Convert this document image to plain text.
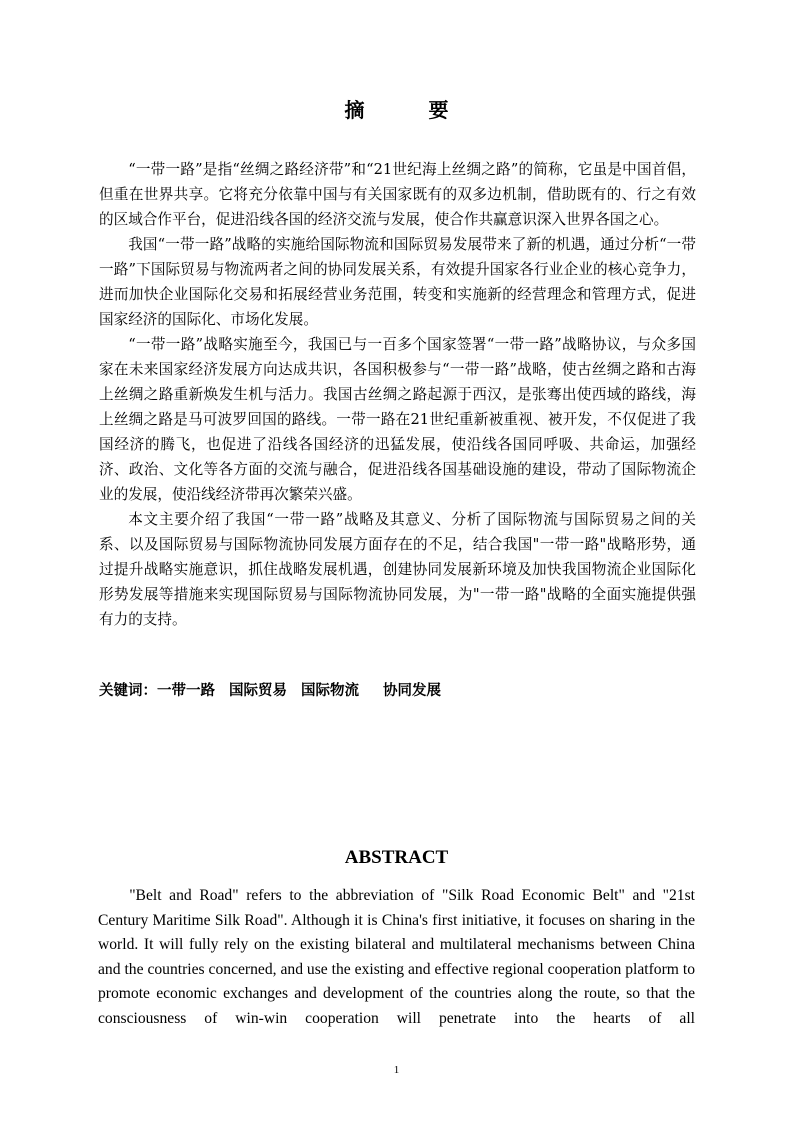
摘　要

“一带一路”是指“丝绸之路经济带”和“21世纪海上丝绸之路”的简称，它虽是中国首倡，但重在世界共享。它将充分依靠中国与有关国家既有的双多边机制，借助既有的、行之有效的区域合作平台，促进沿线各国的经济交流与发展，使合作共赢意识深入世界各国之心。

我国“一带一路”战略的实施给国际物流和国际贸易发展带来了新的机遇，通过分析“一带一路”下国际贸易与物流两者之间的协同发展关系，有效提升国家各行业企业的核心竞争力，进而加快企业国际化交易和拓展经营业务范围，转变和实施新的经营理念和管理方式，促进国家经济的国际化、市场化发展。

“一带一路”战略实施至今，我国已与一百多个国家签署“一带一路”战略协议，与众多国家在未来国家经济发展方向达成共识，各国积极参与“一带一路”战略，使古丝绸之路和古海上丝绸之路重新焕发生机与活力。我国古丝绸之路起源于西汉，是张骞出使西域的路线，海上丝绸之路是马可波罗回国的路线。一带一路在21世纪重新被重视、被开发，不仅促进了我国经济的腾飞，也促进了沿线各国经济的迅猛发展，使沿线各国同呼吸、共命运，加强经济、政治、文化等各方面的交流与融合，促进沿线各国基础设施的建设，带动了国际物流企业的发展，使沿线经济带再次繁荣兴盛。

本文主要介绍了我国“一带一路”战略及其意义、分析了国际物流与国际贸易之间的关系、以及国际贸易与国际物流协同发展方面存在的不足，结合我国"一带一路"战略形势，通过提升战略实施意识，抓住战略发展机遇，创建协同发展新环境及加快我国物流企业国际化形势发展等措施来实现国际贸易与国际物流协同发展，为"一带一路"战略的全面实施提供强有力的支持。

关键词：一带一路 国际贸易 国际物流 协同发展
ABSTRACT

"Belt and Road" refers to the abbreviation of "Silk Road Economic Belt" and "21st Century Maritime Silk Road". Although it is China's first initiative, it focuses on sharing in the world. It will fully rely on the existing bilateral and multilateral mechanisms between China and the countries concerned, and use the existing and effective regional cooperation platform to promote economic exchanges and development of the countries along the route, so that the consciousness of win-win cooperation will penetrate into the hearts of all

1
